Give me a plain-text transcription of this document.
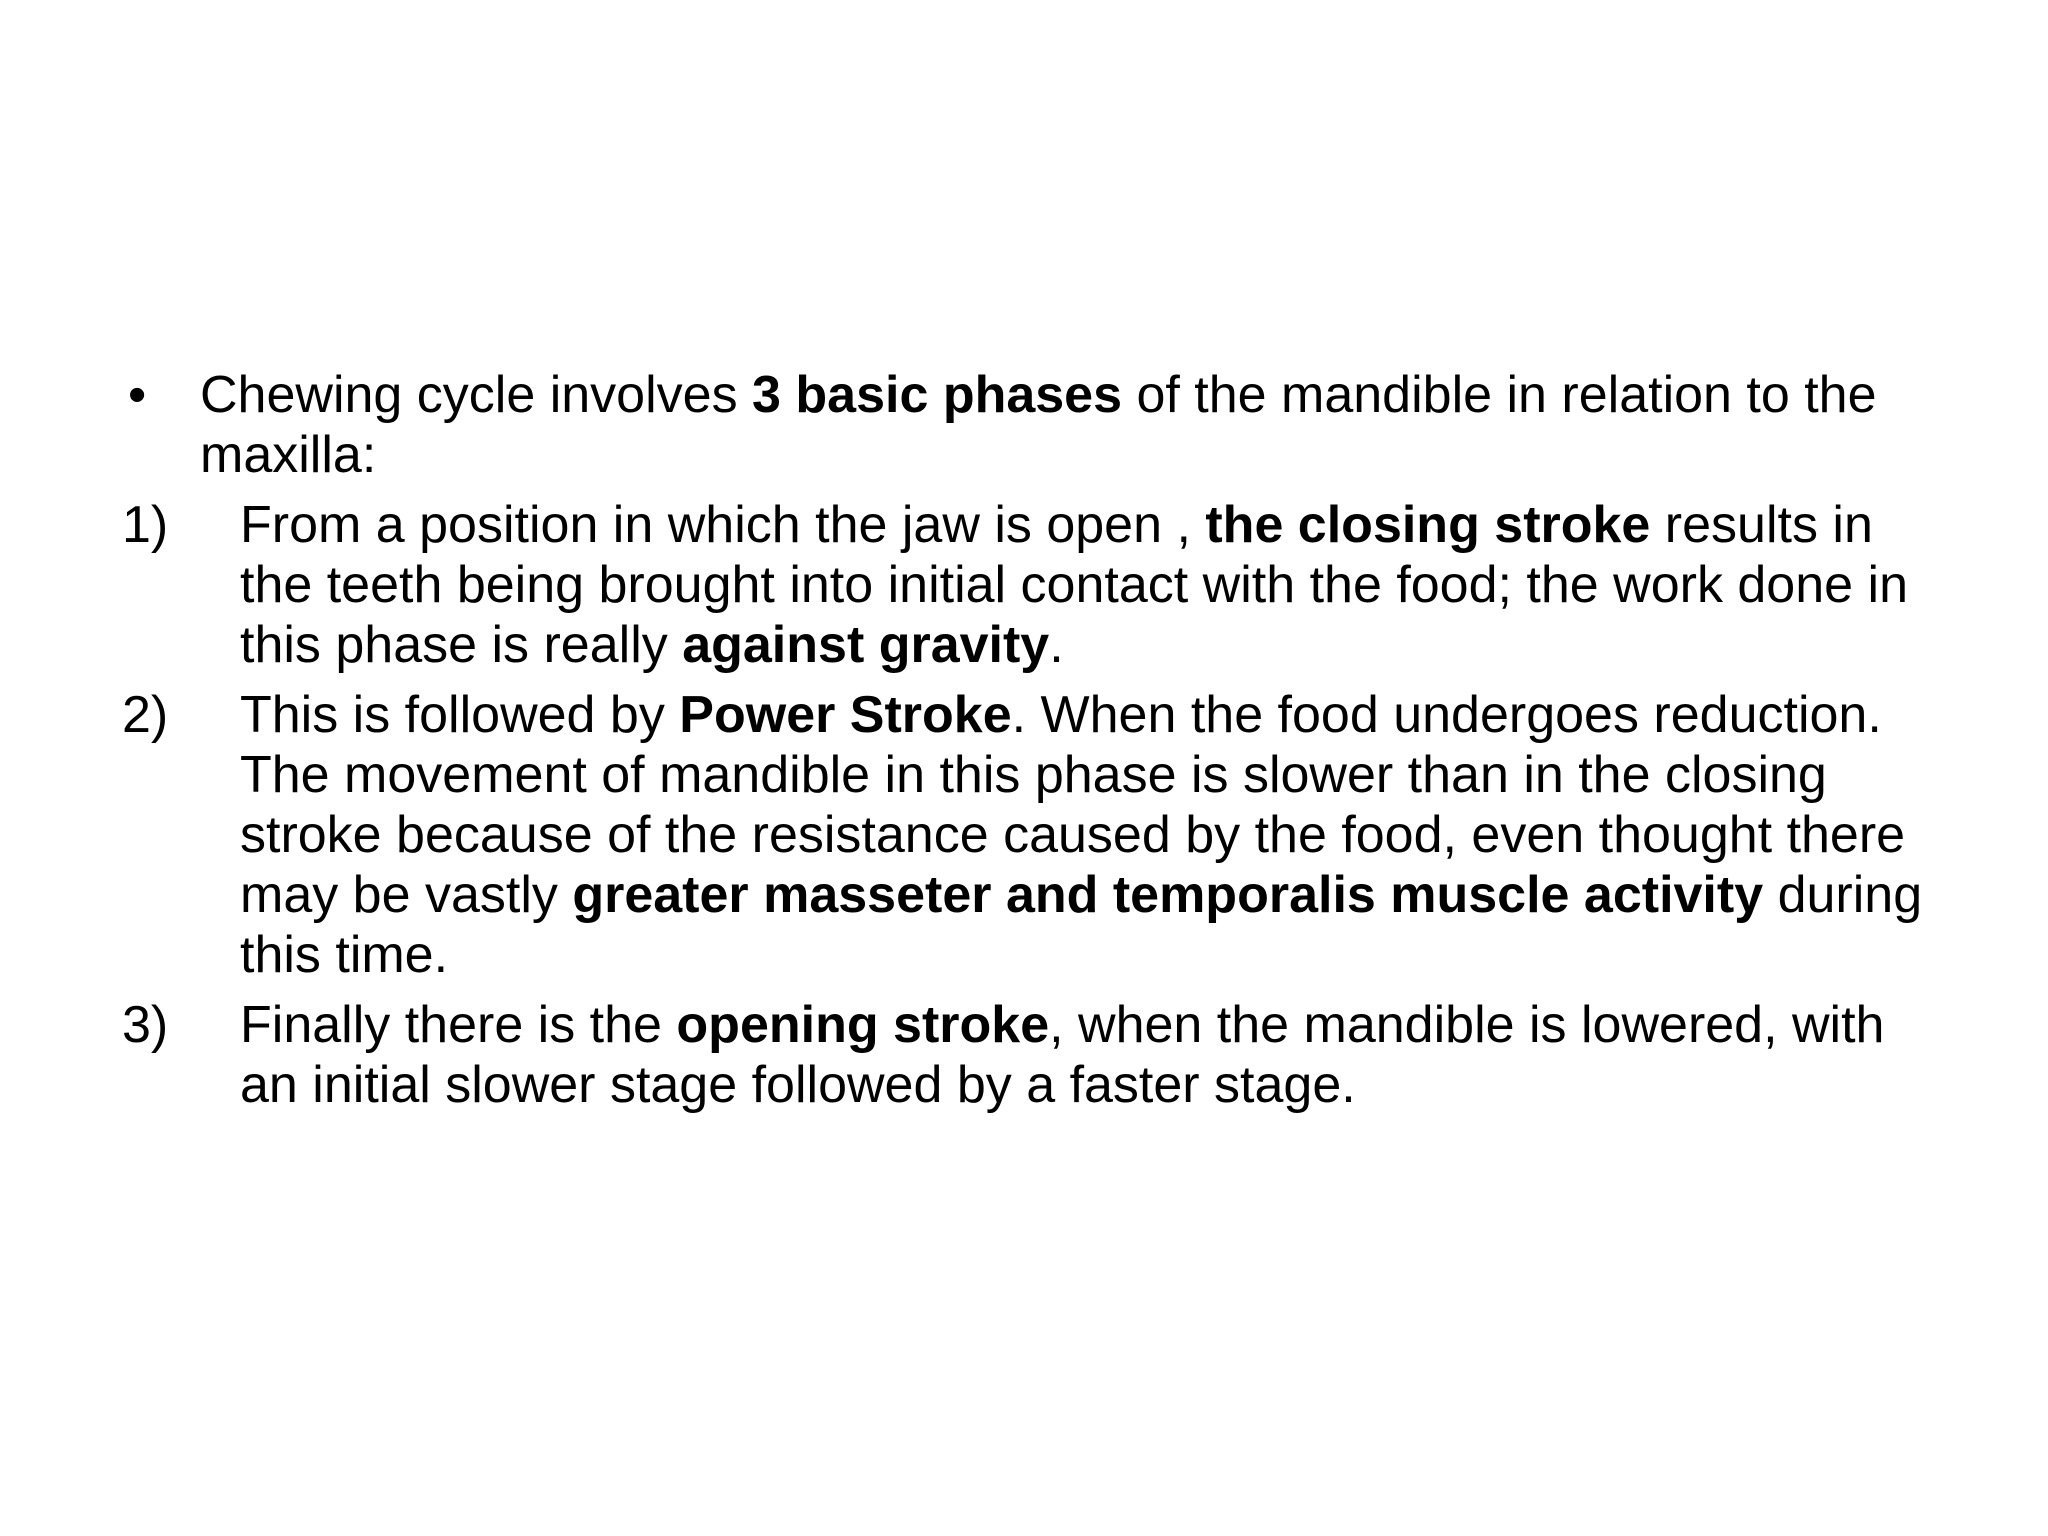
• Chewing cycle involves 3 basic phases of the mandible in relation to the maxilla:

1) From a position in which the jaw is open , the closing stroke results in the teeth being brought into initial contact with the food; the work done in this phase is really against gravity.

2) This is followed by Power Stroke. When the food undergoes reduction. The movement of mandible in this phase is slower than in the closing stroke because of the resistance caused by the food, even thought there may be vastly greater masseter and temporalis muscle activity during this time.

3) Finally there is the opening stroke, when the mandible is lowered, with an initial slower stage followed by a faster stage.
